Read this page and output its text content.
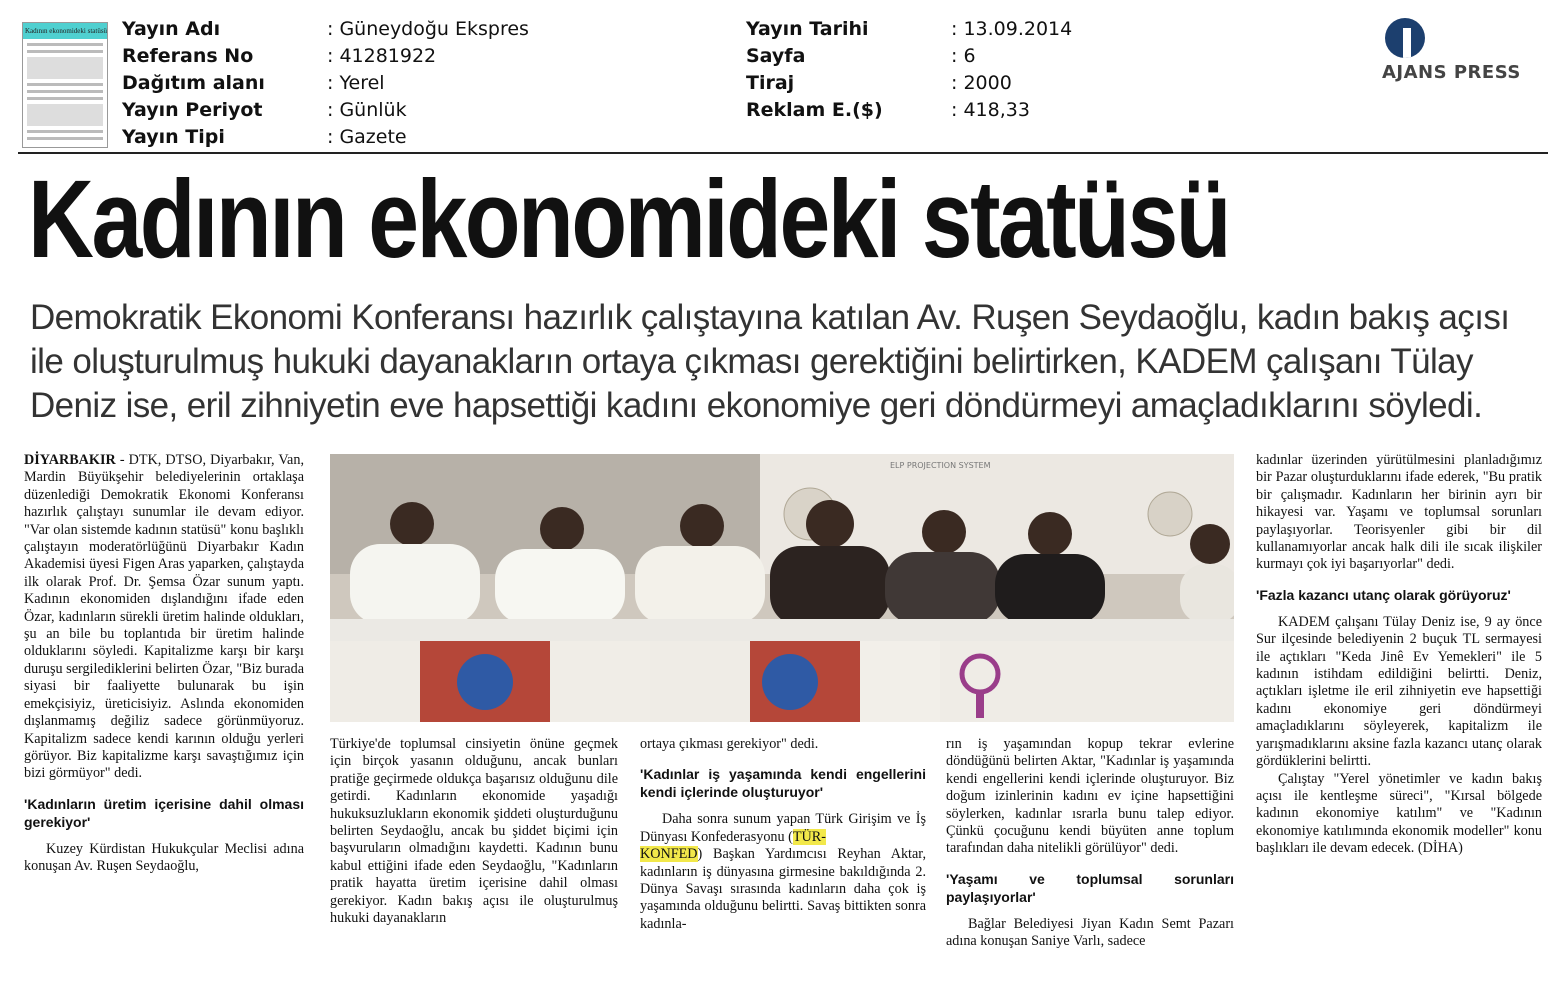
Kadının ekonomideki statüsü Yayın Adı	: Güneydoğu Ekspres
Referans No	: 41281922
Dağıtım alanı	: Yerel
Yayın Periyot	: Günlük
Yayın Tipi	: Gazete
Yayın Tarihi	: 13.09.2014
Sayfa	: 6
Tiraj	: 2000
Reklam E.($)	: 418,33
AJANS PRESS
Kadının ekonomideki statüsü
Demokratik Ekonomi Konferansı hazırlık çalıştayına katılan Av. Ruşen Seydaoğlu, kadın bakış açısı ile oluşturulmuş hukuki dayanakların ortaya çıkması gerektiğini belirtirken, KADEM çalışanı Tülay Deniz ise, eril zihniyetin eve hapsettiği kadını ekonomiye geri döndürmeyi amaçladıklarını söyledi.

DİYARBAKIR - DTK, DTSO, Diyarbakır, Van, Mardin Büyükşehir belediyelerinin ortaklaşa düzenlediği Demokratik Ekonomi Konferansı hazırlık çalıştayı sunumlar ile devam ediyor. "Var olan sistemde kadının statüsü" konu başlıklı çalıştayın moderatörlüğünü Diyarbakır Kadın Akademisi üyesi Figen Aras yaparken, çalıştayda ilk olarak Prof. Dr. Şemsa Özar sunum yaptı. Kadının ekonomiden dışlandığını ifade eden Özar, kadınların sürekli üretim halinde oldukları, şu an bile bu toplantıda bir üretim halinde olduklarını söyledi. Kapitalizme karşı bir karşı duruşu sergilediklerini belirten Özar, "Biz burada siyasi bir faaliyette bulunarak bu işin emekçisiyiz, üreticisiyiz. Aslında ekonomiden dışlanmamış değiliz sadece görünmüyoruz. Kapitalizm sadece kendi karının olduğu yerleri görüyor. Biz kapitalizme karşı savaştığımız için bizi görmüyor" dedi.

'Kadınların üretim içerisine dahil olması gerekiyor'

Kuzey Kürdistan Hukukçular Meclisi adına konuşan Av. Ruşen Seydaoğlu,

ELP PROJECTION SYSTEM

Türkiye'de toplumsal cinsiyetin önüne geçmek için birçok yasanın olduğunu, ancak bunları pratiğe geçirmede oldukça başarısız olduğunu dile getirdi. Kadınların ekonomide yaşadığı hukuksuzlukların ekonomik şiddeti oluşturduğunu belirten Seydaoğlu, ancak bu şiddet biçimi için başvuruların olmadığını kaydetti. Kadının bunu kabul ettiğini ifade eden Seydaoğlu, "Kadınların pratik hayatta üretim içerisine dahil olması gerekiyor. Kadın bakış açısı ile oluşturulmuş hukuki dayanakların

ortaya çıkması gerekiyor" dedi.

'Kadınlar iş yaşamında kendi engellerini kendi içlerinde oluşturuyor'

Daha sonra sunum yapan Türk Girişim ve İş Dünyası Konfederasyonu (TÜR-
KONFED) Başkan Yardımcısı Reyhan Aktar, kadınların iş dünyasına girmesine bakıldığında 2. Dünya Savaşı sırasında kadınların daha çok iş yaşamında olduğunu belirtti. Savaş bittikten sonra kadınla-

rın iş yaşamından kopup tekrar evlerine döndüğünü belirten Aktar, "Kadınlar iş yaşamında kendi engellerini kendi içlerinde oluşturuyor. Biz doğum izinlerinin kadını ev içine hapsettiğini söylerken, kadınlar ısrarla bunu talep ediyor. Çünkü çocuğunu kendi büyüten anne toplum tarafından daha nitelikli görülüyor" dedi.

'Yaşamı ve toplumsal sorunları paylaşıyorlar'

Bağlar Belediyesi Jiyan Kadın Semt Pazarı adına konuşan Saniye Varlı, sadece

kadınlar üzerinden yürütülmesini planladığımız bir Pazar oluşturduklarını ifade ederek, "Bu pratik bir çalışmadır. Kadınların her birinin ayrı bir hikayesi var. Yaşamı ve toplumsal sorunları paylaşıyorlar. Teorisyenler gibi bir dil kullanamıyorlar ancak halk dili ile sıcak ilişkiler kurmayı çok iyi başarıyorlar" dedi.

'Fazla kazancı utanç olarak görüyoruz'

KADEM çalışanı Tülay Deniz ise, 9 ay önce Sur ilçesinde belediyenin 2 buçuk TL sermayesi ile açtıkları "Keda Jinê Ev Yemekleri" ile 5 kadının istihdam edildiğini belirtti. Deniz, açtıkları işletme ile eril zihniyetin eve hapsettiği kadını ekonomiye geri döndürmeyi amaçladıklarını söyleyerek, kapitalizm ile yarışmadıklarını aksine fazla kazancı utanç olarak gördüklerini belirtti.

Çalıştay "Yerel yönetimler ve kadın bakış açısı ile kentleşme süreci", "Kırsal bölgede kadının ekonomiye katılım" ve "Kadının ekonomiye katılımında ekonomik modeller" konu başlıkları ile devam edecek. (DİHA)
